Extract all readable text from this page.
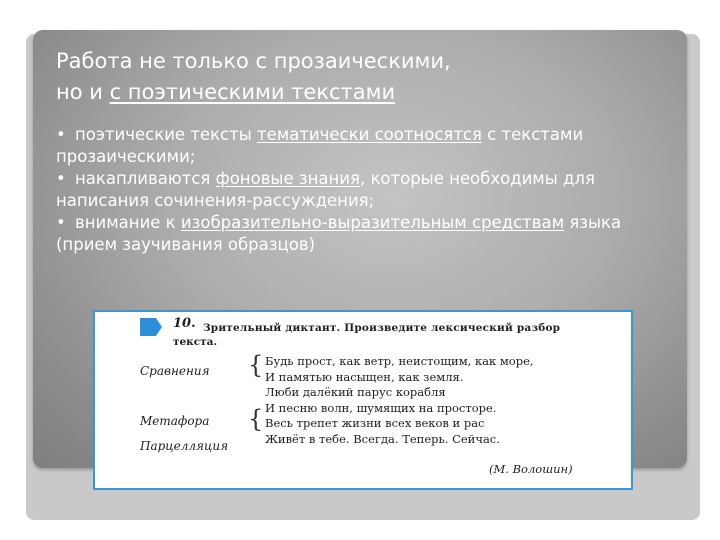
Работа не только с прозаическими,
но и с поэтическими текстами

• поэтические тексты тематически соотносятся с текстами прозаическими;

• накапливаются фоновые знания, которые необходимы для написания сочинения-рассуждения;

• внимание к изобразительно-выразительным средствам языка (прием заучивания образцов)

10. Зрительный диктант. Произведите лексический разбор
текста.
Сравнения
Метафора
Парцелляция
{
{
Будь прост, как ветр, неистощим, как море,
И памятью насыщен, как земля.
Люби далёкий парус корабля
И песню волн, шумящих на просторе.
Весь трепет жизни всех веков и рас
Живёт в тебе. Всегда. Теперь. Сейчас.
(М. Волошин)
